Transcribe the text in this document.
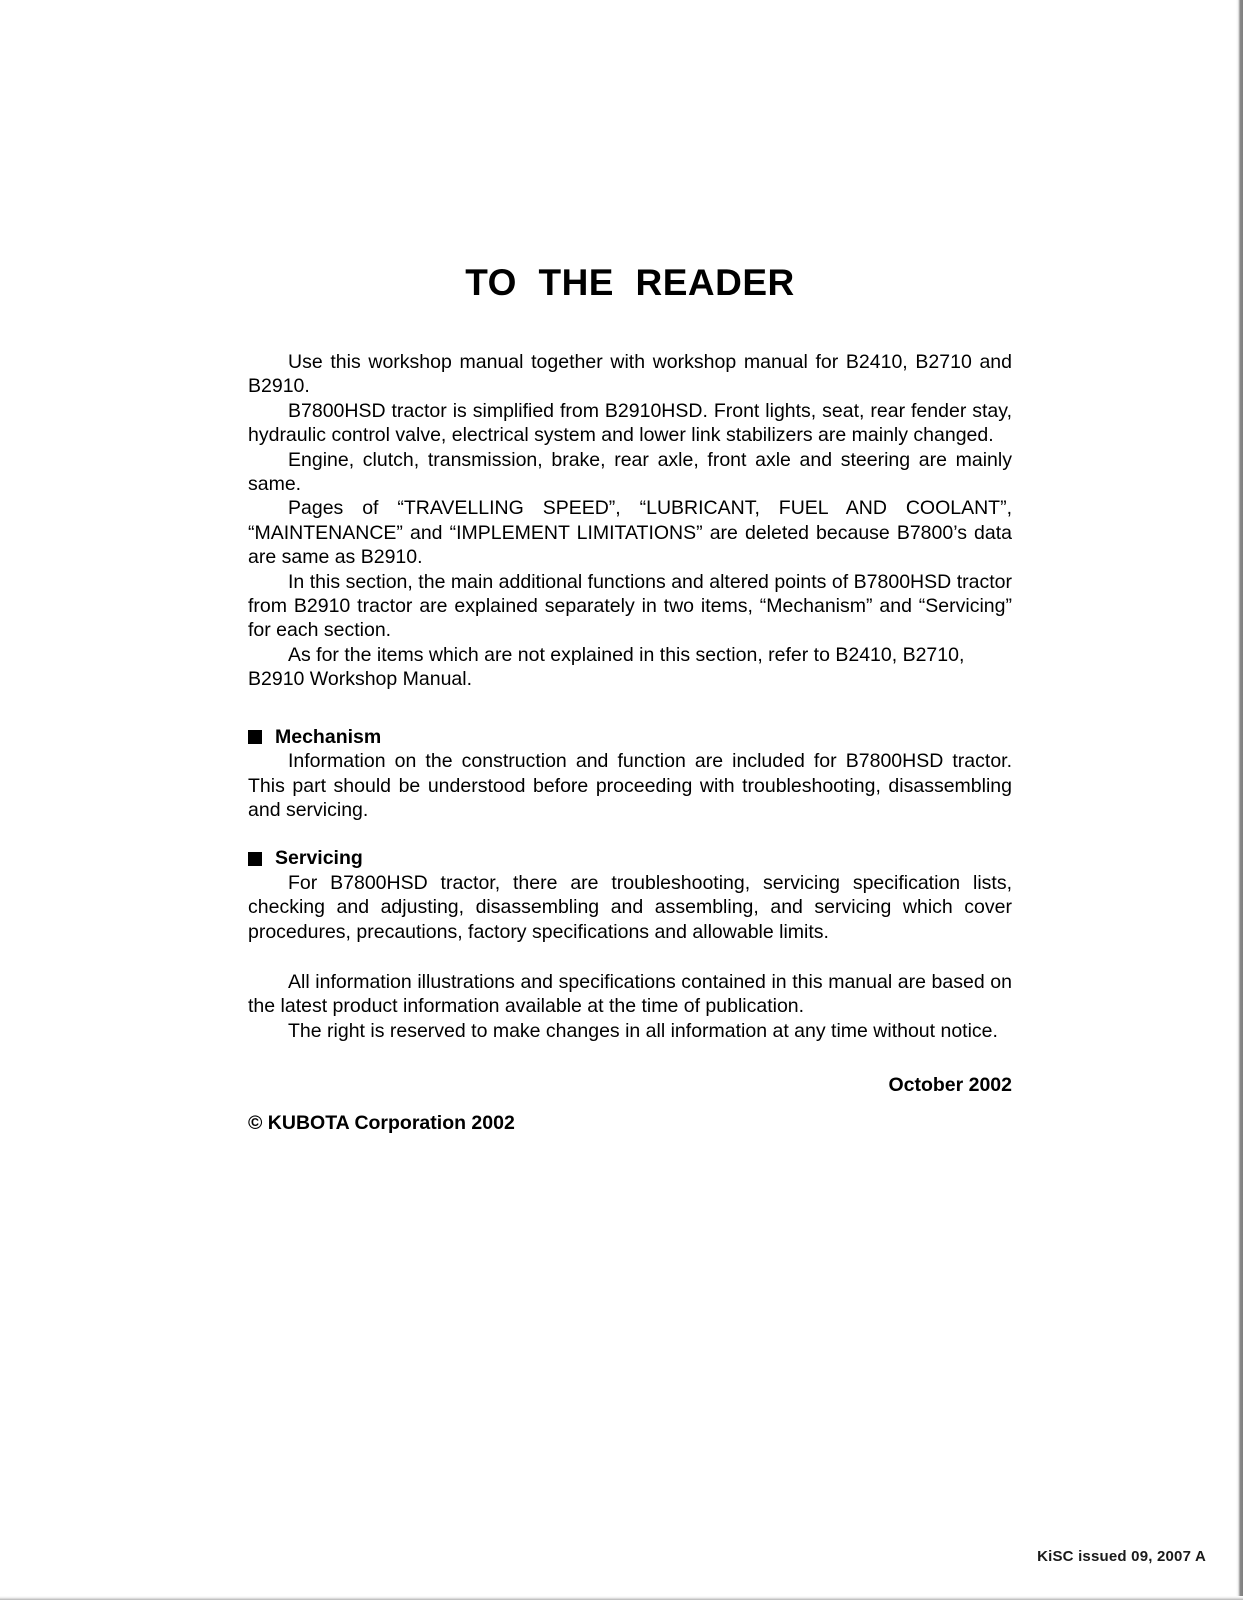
TO  THE  READER

Use this workshop manual together with workshop manual for B2410, B2710 and B2910.

B7800HSD tractor is simplified from B2910HSD. Front lights, seat, rear fender stay, hydraulic control valve, electrical system and lower link stabilizers are mainly changed.

Engine, clutch, transmission, brake, rear axle, front axle and steering are mainly same.

Pages of “TRAVELLING SPEED”, “LUBRICANT, FUEL AND COOLANT”, “MAINTENANCE” and “IMPLEMENT LIMITATIONS” are deleted because B7800’s data are same as B2910.

In this section, the main additional functions and altered points of B7800HSD tractor from B2910 tractor are explained separately in two items, “Mechanism” and “Servicing” for each section.

As for the items which are not explained in this section, refer to B2410, B2710, B2910 Workshop Manual.

Mechanism

Information on the construction and function are included for B7800HSD tractor. This part should be understood before proceeding with troubleshooting, disassembling and servicing.

Servicing

For B7800HSD tractor, there are troubleshooting, servicing specification lists, checking and adjusting, disassembling and assembling, and servicing which cover procedures, precautions, factory specifications and allowable limits.

All information illustrations and specifications contained in this manual are based on the latest product information available at the time of publication.

The right is reserved to make changes in all information at any time without notice.

October 2002

© KUBOTA Corporation 2002

KiSC issued 09, 2007 A
